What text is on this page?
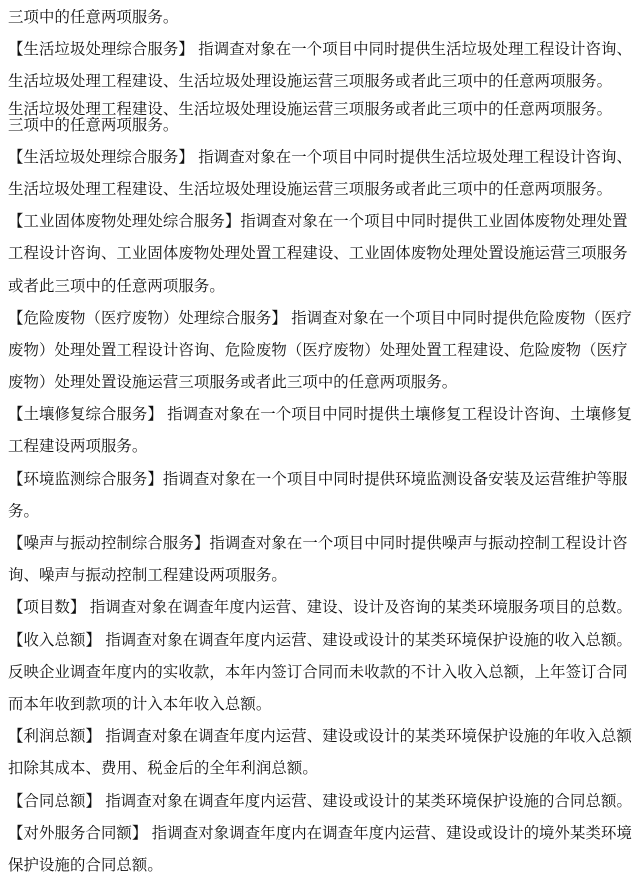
三项中的任意两项服务。
【生活垃圾处理综合服务】 指调查对象在一个项目中同时提供生活垃圾处理工程设计咨询、
生活垃圾处理工程建设、生活垃圾处理设施运营三项服务或者此三项中的任意两项服务。
生活垃圾处理工程建设、生活垃圾处理设施运营三项服务或者此三项中的任意两项服务。
三项中的任意两项服务。
【生活垃圾处理综合服务】 指调查对象在一个项目中同时提供生活垃圾处理工程设计咨询、
生活垃圾处理工程建设、生活垃圾处理设施运营三项服务或者此三项中的任意两项服务。
【工业固体废物处理处综合服务】指调查对象在一个项目中同时提供工业固体废物处理处置
工程设计咨询、工业固体废物处理处置工程建设、工业固体废物处理处置设施运营三项服务
或者此三项中的任意两项服务。
【危险废物（医疗废物）处理综合服务】 指调查对象在一个项目中同时提供危险废物（医疗
废物）处理处置工程设计咨询、危险废物（医疗废物）处理处置工程建设、危险废物（医疗
废物）处理处置设施运营三项服务或者此三项中的任意两项服务。
【土壤修复综合服务】 指调查对象在一个项目中同时提供土壤修复工程设计咨询、土壤修复
工程建设两项服务。
【环境监测综合服务】指调查对象在一个项目中同时提供环境监测设备安装及运营维护等服
务。
【噪声与振动控制综合服务】指调查对象在一个项目中同时提供噪声与振动控制工程设计咨
询、噪声与振动控制工程建设两项服务。
【项目数】 指调查对象在调查年度内运营、建设、设计及咨询的某类环境服务项目的总数。
【收入总额】 指调查对象在调查年度内运营、建设或设计的某类环境保护设施的收入总额。
反映企业调查年度内的实收款，本年内签订合同而未收款的不计入收入总额，上年签订合同
而本年收到款项的计入本年收入总额。
【利润总额】 指调查对象在调查年度内运营、建设或设计的某类环境保护设施的年收入总额
扣除其成本、费用、税金后的全年利润总额。
【合同总额】 指调查对象在调查年度内运营、建设或设计的某类环境保护设施的合同总额。
【对外服务合同额】 指调查对象调查年度内在调查年度内运营、建设或设计的境外某类环境
保护设施的合同总额。
